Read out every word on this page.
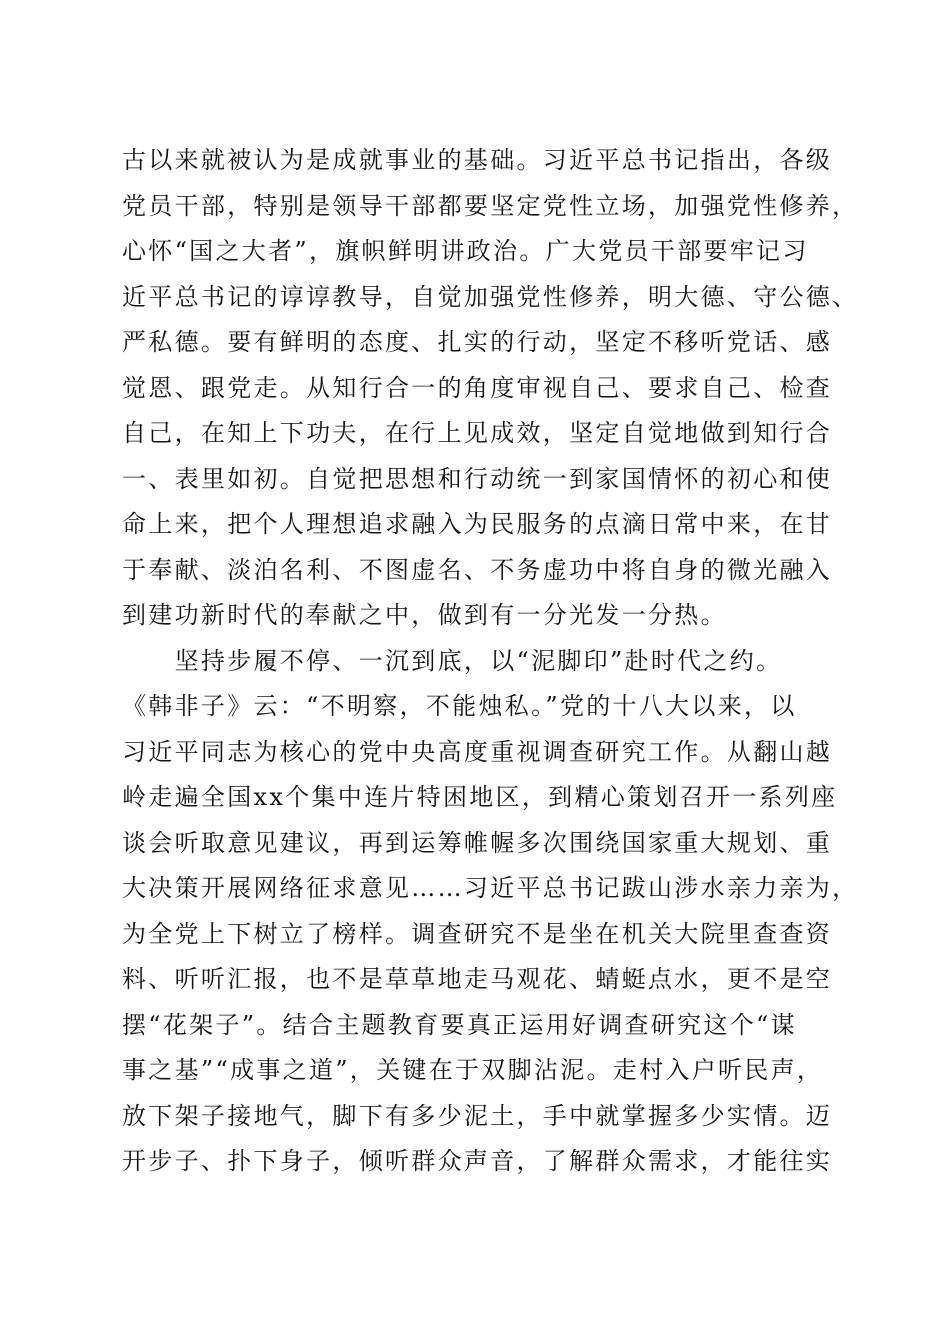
古以来就被认为是成就事业的基础。习近平总书记指出，各级
党员干部，特别是领导干部都要坚定党性立场，加强党性修养，
心怀“国之大者”，旗帜鲜明讲政治。广大党员干部要牢记习
近平总书记的谆谆教导，自觉加强党性修养，明大德、守公德、
严私德。要有鲜明的态度、扎实的行动，坚定不移听党话、感
觉恩、跟党走。从知行合一的角度审视自己、要求自己、检查
自己，在知上下功夫，在行上见成效，坚定自觉地做到知行合
一、表里如初。自觉把思想和行动统一到家国情怀的初心和使
命上来，把个人理想追求融入为民服务的点滴日常中来，在甘
于奉献、淡泊名利、不图虚名、不务虚功中将自身的微光融入
到建功新时代的奉献之中，做到有一分光发一分热。
　　坚持步履不停、一沉到底，以“泥脚印”赴时代之约。
《韩非子》云：“不明察，不能烛私。”党的十八大以来，以
习近平同志为核心的党中央高度重视调查研究工作。从翻山越
岭走遍全国xx个集中连片特困地区，到精心策划召开一系列座
谈会听取意见建议，再到运筹帷幄多次围绕国家重大规划、重
大决策开展网络征求意见……习近平总书记跋山涉水亲力亲为，
为全党上下树立了榜样。调查研究不是坐在机关大院里查查资
料、听听汇报，也不是草草地走马观花、蜻蜓点水，更不是空
摆“花架子”。结合主题教育要真正运用好调查研究这个“谋
事之基”“成事之道”，关键在于双脚沾泥。走村入户听民声，
放下架子接地气，脚下有多少泥土，手中就掌握多少实情。迈
开步子、扑下身子，倾听群众声音，了解群众需求，才能往实
